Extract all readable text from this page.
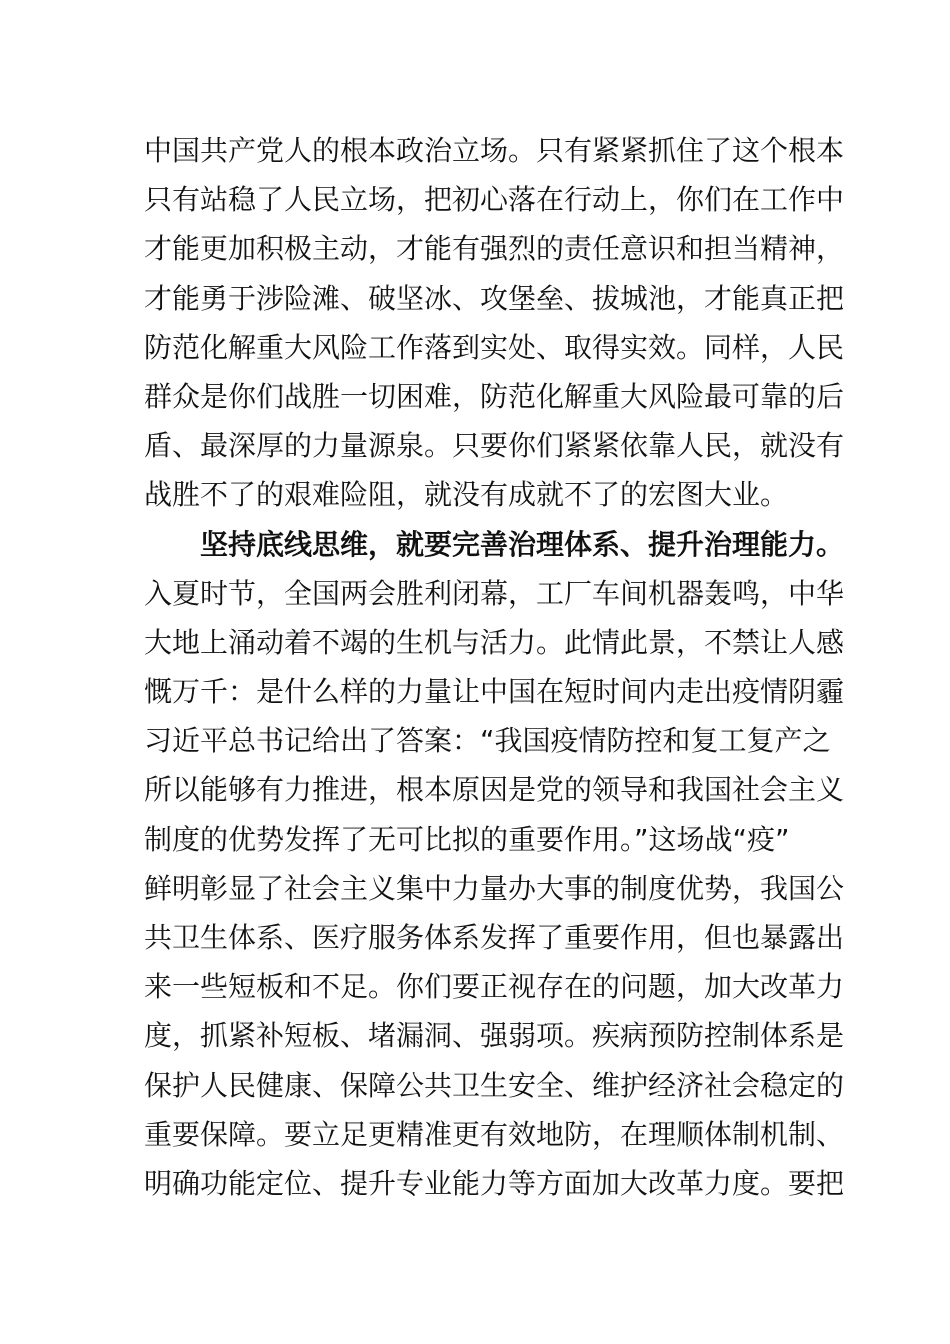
中国共产党人的根本政治立场。只有紧紧抓住了这个根本
只有站稳了人民立场，把初心落在行动上，你们在工作中
才能更加积极主动，才能有强烈的责任意识和担当精神，
才能勇于涉险滩、破坚冰、攻堡垒、拔城池，才能真正把
防范化解重大风险工作落到实处、取得实效。同样，人民
群众是你们战胜一切困难，防范化解重大风险最可靠的后
盾、最深厚的力量源泉。只要你们紧紧依靠人民，就没有
战胜不了的艰难险阻，就没有成就不了的宏图大业。
坚持底线思维，就要完善治理体系、提升治理能力。
入夏时节，全国两会胜利闭幕，工厂车间机器轰鸣，中华
大地上涌动着不竭的生机与活力。此情此景，不禁让人感
慨万千：是什么样的力量让中国在短时间内走出疫情阴霾
习近平总书记给出了答案：“我国疫情防控和复工复产之
所以能够有力推进，根本原因是党的领导和我国社会主义
制度的优势发挥了无可比拟的重要作用。”这场战“疫”
鲜明彰显了社会主义集中力量办大事的制度优势，我国公
共卫生体系、医疗服务体系发挥了重要作用，但也暴露出
来一些短板和不足。你们要正视存在的问题，加大改革力
度，抓紧补短板、堵漏洞、强弱项。疾病预防控制体系是
保护人民健康、保障公共卫生安全、维护经济社会稳定的
重要保障。要立足更精准更有效地防，在理顺体制机制、
明确功能定位、提升专业能力等方面加大改革力度。要把
